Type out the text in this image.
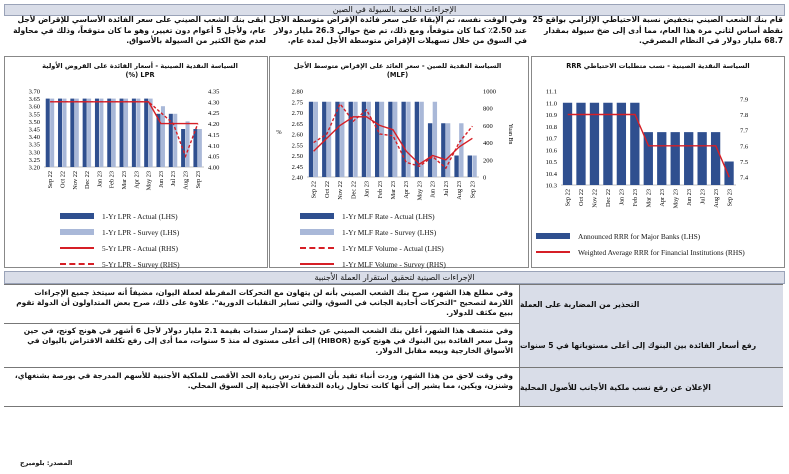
الإجراءات الخاصة بالسيولة في الصين
قام بنك الشعب الصيني بتخفيض نسبة الاحتياطي الإلزامي بواقع 25 نقطة أساس لثاني مرة هذا العام، مما أدى إلى ضخ سيولة بمقدار 68.7 مليار دولار في النظام المصرفي.
وفي الوقت نفسه، تم الإبقاء على سعر فائدة الإقراض متوسطة الأجل عند 2.50٪ كما كان متوقعاً، ومع ذلك، تم ضخ حوالي 26.3 مليار دولار في السوق من خلال تسهيلات الإقراض متوسطة الأجل لمدة عام.
أبقى بنك الشعب الصيني على سعر الفائدة الأساسي للإقراض لأجل عام، ولأجل 5 أعوام دون تغيير، وهو ما كان متوقعاً، وذلك في محاولة لعدم ضخ الكثير من السيولة بالأسواق.
السياسة النقدية الصينية - نسب متطلبات الاحتياطي RRR
السياسة النقدية للصين - سعر العائد على الإقراض متوسط الأجل (MLF)
السياسة النقدية الصينية - أسعار الفائدة على القروض الأولية LPR (%)
10.3
10.4
10.5
10.6
10.7
10.8
10.9
11.0
11.1
7.4
7.5
7.6
7.7
7.8
7.9
Sep 22 Oct 22 Nov 22 Dec 22 Jan 23 Feb 23 Mar 23 Apr 23 May 23 Jun 23 Jul 23 Aug 23 Sep 23
2.40
2.45
2.50
2.55
2.60
2.65
2.70
2.75
2.80
0
200
400
600
800
1000
Sep 22 Oct 22 Nov 22 Dec 22 Jan 23 Feb 23 Mar 23 Apr 23 May 23 Jun 23 Jul 23 Aug 23 Sep 23
%	Yuan Bn
3.20
3.25
3.30
3.35
3.40
3.45
3.50
3.55
3.60
3.65
3.70
4.00
4.05
4.10
4.15
4.20
4.25
4.30
4.35
Sep 22 Oct 22 Nov 22 Dec 22 Jan 23 Feb 23 Mar 23 Apr 23 May 23 Jun 23 Jul 23 Aug 23 Sep 23
Announced RRR for Major Banks (LHS)
Weighted Average RRR for Financial Institutions (RHS)
1-Yr MLF Rate - Actual (LHS)
1-Yr MLF Rate - Survey (LHS)
1-Yr MLF Volume - Actual (LHS)
1-Yr MLF Volume - Survey (RHS)
1-Yr LPR - Actual (LHS)
1-Yr LPR - Survey (LHS)
5-Yr LPR - Actual (RHS)
5-Yr LPR - Survey (RHS)
الإجراءات الصينية لتحقيق استقرار العملة الأجنبية
وفي مطلع هذا الشهر، صرح بنك الشعب الصيني بأنه لن يتهاون مع التحركات المفرطة لعملة اليوان، مضيفاً أنه سيتخذ جميع الإجراءات اللازمة لتصحيح "التحركات أحادية الجانب في السوق، والتي تساير التقلبات الدورية". علاوة على ذلك، صرح بعض المتداولون أن الدولة تقوم ببيع مكثف للدولار.
التحذير من المضاربة على العملة
وفي منتصف هذا الشهر، أعلن بنك الشعب الصيني عن خطته لإصدار سندات بقيمة 2.1 مليار دولار لأجل 6 أشهر في هونج كونج، في حين وصل سعر الفائدة بين البنوك في هونج كونج (HIBOR) إلى أعلى مستوى له منذ 5 سنوات، مما أدى إلى رفع تكلفة الاقتراض باليوان في الأسواق الخارجية وبيعه مقابل الدولار.
رفع أسعار الفائدة بين البنوك إلى أعلى مستوياتها في 5 سنوات
وفي وقت لاحق من هذا الشهر، وردت أنباء تفيد بأن الصين تدرس زيادة الحد الأقصى للملكية الأجنبية للأسهم المدرجة في بورصة بشنغهاي، وشنزن، ويكين، مما يشير إلى أنها كانت تحاول زيادة التدفقات الأجنبية إلى السوق المحلي. الإعلان عن رفع نسب ملكية الأجانب للأصول المحلية
المصدر: بلومبرج
